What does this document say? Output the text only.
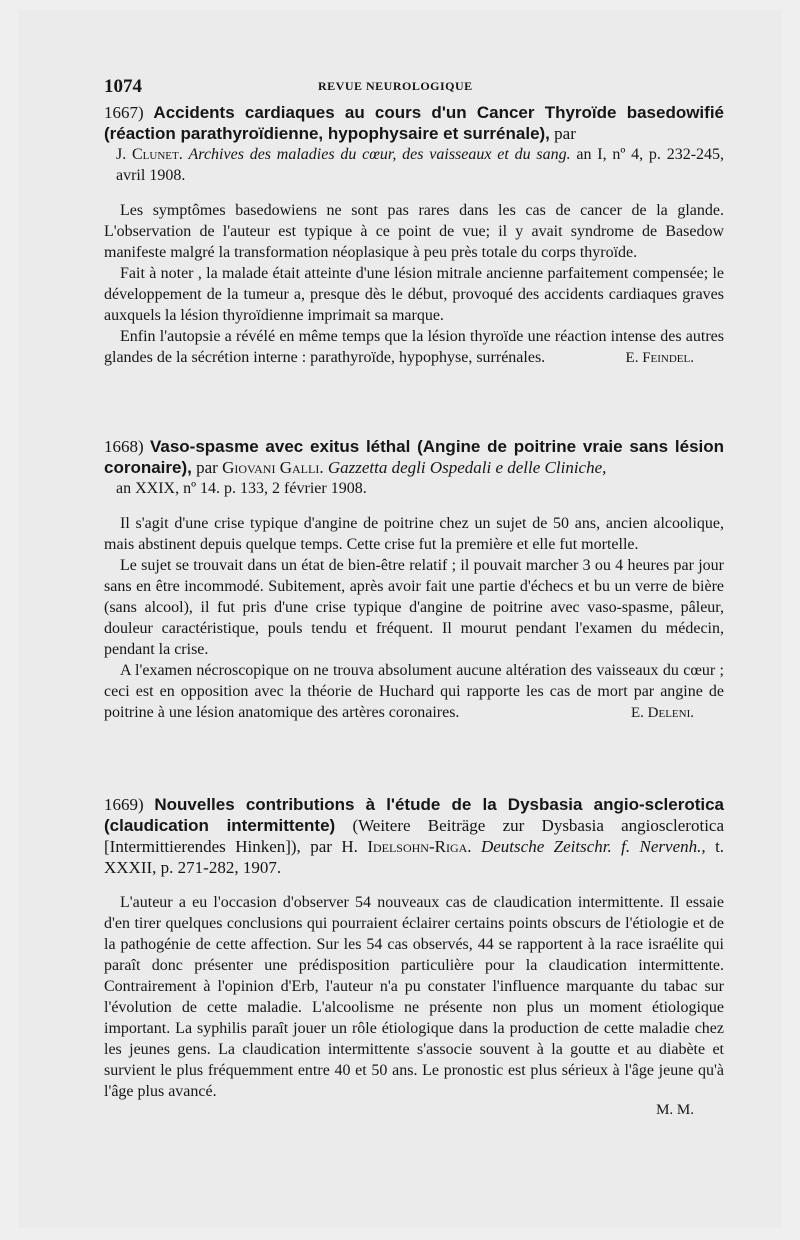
1074	REVUE NEUROLOGIQUE
1667) Accidents cardiaques au cours d'un Cancer Thyroïde basedowifié (réaction parathyroïdienne, hypophysaire et surrénale), par
J. Clunet. Archives des maladies du cœur, des vaisseaux et du sang. an I, nº 4, p. 232-245, avril 1908.

Les symptômes basedowiens ne sont pas rares dans les cas de cancer de la glande. L'observation de l'auteur est typique à ce point de vue; il y avait syndrome de Basedow manifeste malgré la transformation néoplasique à peu près totale du corps thyroïde.

Fait à noter , la malade était atteinte d'une lésion mitrale ancienne parfaitement compensée; le développement de la tumeur a, presque dès le début, provoqué des accidents cardiaques graves auxquels la lésion thyroïdienne imprimait sa marque.

Enfin l'autopsie a révélé en même temps que la lésion thyroïde une réaction intense des autres glandes de la sécrétion interne : parathyroïde, hypophyse, surrénales.	E. Feindel.
1668) Vaso-spasme avec exitus léthal (Angine de poitrine vraie sans lésion coronaire), par Giovani Galli. Gazzetta degli Ospedali e delle Cliniche,
an XXIX, nº 14. p. 133, 2 février 1908.

Il s'agit d'une crise typique d'angine de poitrine chez un sujet de 50 ans, ancien alcoolique, mais abstinent depuis quelque temps. Cette crise fut la première et elle fut mortelle.

Le sujet se trouvait dans un état de bien-être relatif ; il pouvait marcher 3 ou 4 heures par jour sans en être incommodé. Subitement, après avoir fait une partie d'échecs et bu un verre de bière (sans alcool), il fut pris d'une crise typique d'angine de poitrine avec vaso-spasme, pâleur, douleur caractéristique, pouls tendu et fréquent. Il mourut pendant l'examen du médecin, pendant la crise.

A l'examen nécroscopique on ne trouva absolument aucune altération des vaisseaux du cœur ; ceci est en opposition avec la théorie de Huchard qui rapporte les cas de mort par angine de poitrine à une lésion anatomique des artères coronaires.	E. Deleni.
1669) Nouvelles contributions à l'étude de la Dysbasia angio-sclerotica (claudication intermittente) (Weitere Beiträge zur Dysbasia angiosclerotica [Intermittierendes Hinken]), par H. Idelsohn-Riga. Deutsche Zeitschr. f. Nervenh., t. XXXII, p. 271-282, 1907.

L'auteur a eu l'occasion d'observer 54 nouveaux cas de claudication intermittente. Il essaie d'en tirer quelques conclusions qui pourraient éclairer certains points obscurs de l'étiologie et de la pathogénie de cette affection. Sur les 54 cas observés, 44 se rapportent à la race israélite qui paraît donc présenter une prédisposition particulière pour la claudication intermittente. Contrairement à l'opinion d'Erb, l'auteur n'a pu constater l'influence marquante du tabac sur l'évolution de cette maladie. L'alcoolisme ne présente non plus un moment étiologique important. La syphilis paraît jouer un rôle étiologique dans la production de cette maladie chez les jeunes gens. La claudication intermittente s'associe souvent à la goutte et au diabète et survient le plus fréquemment entre 40 et 50 ans. Le pronostic est plus sérieux à l'âge jeune qu'à l'âge plus avancé.

M. M.
